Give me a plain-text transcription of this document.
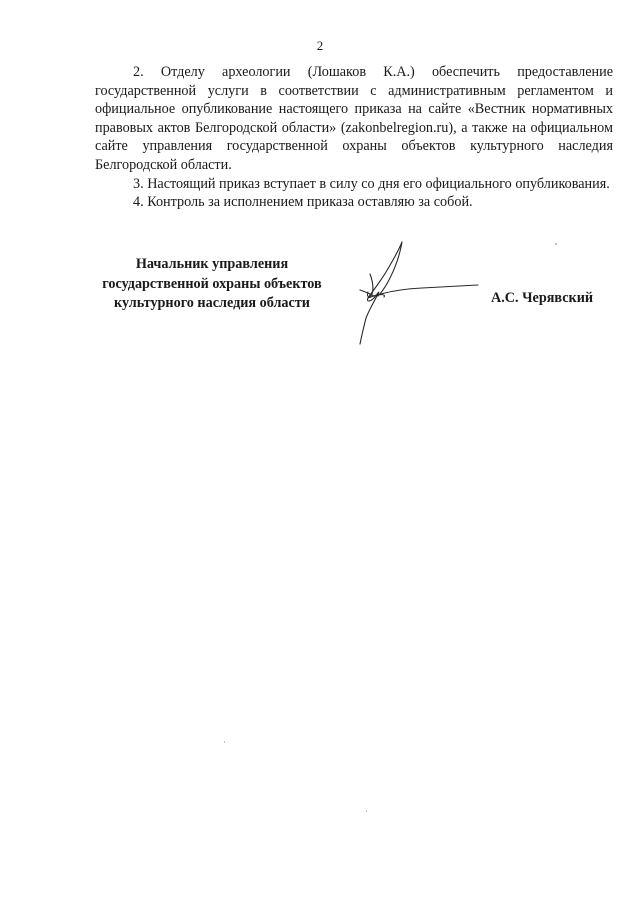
2

2. Отделу археологии (Лошаков К.А.) обеспечить предоставление государственной услуги в соответствии с административным регламентом и официальное опубликование настоящего приказа на сайте «Вестник нормативных правовых актов Белгородской области» (zakonbelregion.ru), а также на официальном сайте управления государственной охраны объектов культурного наследия Белгородской области.

3. Настоящий приказ вступает в силу со дня его официального опубликования.

4. Контроль за исполнением приказа оставляю за собой.

Начальник управления
государственной охраны объектов
культурного наследия области	А.С. Черявский
